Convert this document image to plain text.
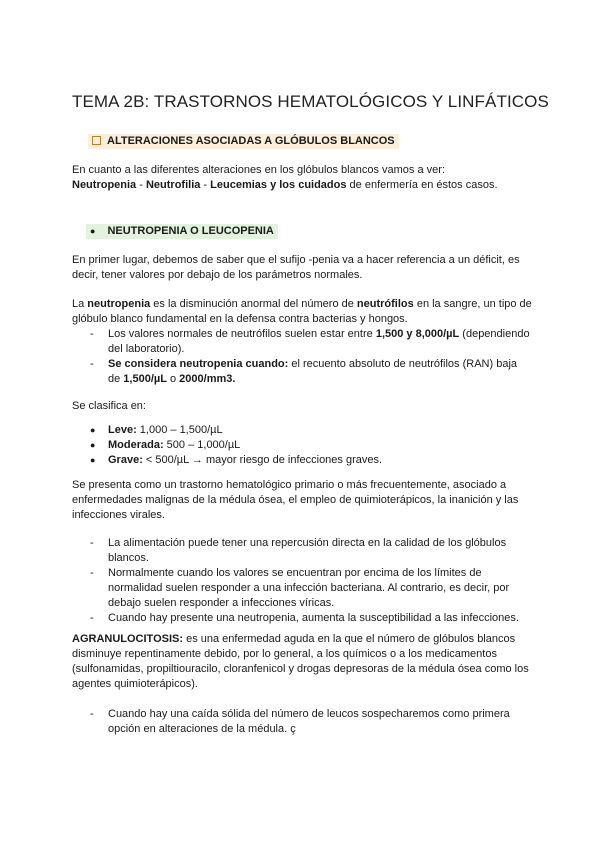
TEMA 2B: TRASTORNOS HEMATOLÓGICOS Y LINFÁTICOS
ALTERACIONES ASOCIADAS A GLÓBULOS BLANCOS

En cuanto a las diferentes alteraciones en los glóbulos blancos vamos a ver:
Neutropenia - Neutrofilia - Leucemias y los cuidados de enfermería en éstos casos.

● NEUTROPENIA O LEUCOPENIA

En primer lugar, debemos de saber que el sufijo -penia va a hacer referencia a un déficit, es decir, tener valores por debajo de los parámetros normales.

La neutropenia es la disminución anormal del número de neutrófilos en la sangre, un tipo de glóbulo blanco fundamental en la defensa contra bacterias y hongos.

- Los valores normales de neutrófilos suelen estar entre 1,500 y 8,000/µL (dependiendo del laboratorio).

- Se considera neutropenia cuando: el recuento absoluto de neutrófilos (RAN) baja de 1,500/µL o 2000/mm3.

Se clasifica en:

● Leve: 1,000 – 1,500/µL

● Moderada: 500 – 1,000/µL

● Grave: < 500/µL → mayor riesgo de infecciones graves.

Se presenta como un trastorno hematológico primario o más frecuentemente, asociado a enfermedades malignas de la médula ósea, el empleo de quimioterápicos, la inanición y las infecciones virales.

- La alimentación puede tener una repercusión directa en la calidad de los glóbulos blancos.

- Normalmente cuando los valores se encuentran por encima de los límites de normalidad suelen responder a una infección bacteriana. Al contrario, es decir, por debajo suelen responder a infecciones víricas.

- Cuando hay presente una neutropenia, aumenta la susceptibilidad a las infecciones.

AGRANULOCITOSIS: es una enfermedad aguda en la que el número de glóbulos blancos disminuye repentinamente debido, por lo general, a los químicos o a los medicamentos (sulfonamidas, propiltiouracilo, cloranfenicol y drogas depresoras de la médula ósea como los agentes quimioterápicos).

- Cuando hay una caída sólida del número de leucos sospecharemos como primera opción en alteraciones de la médula. ç
